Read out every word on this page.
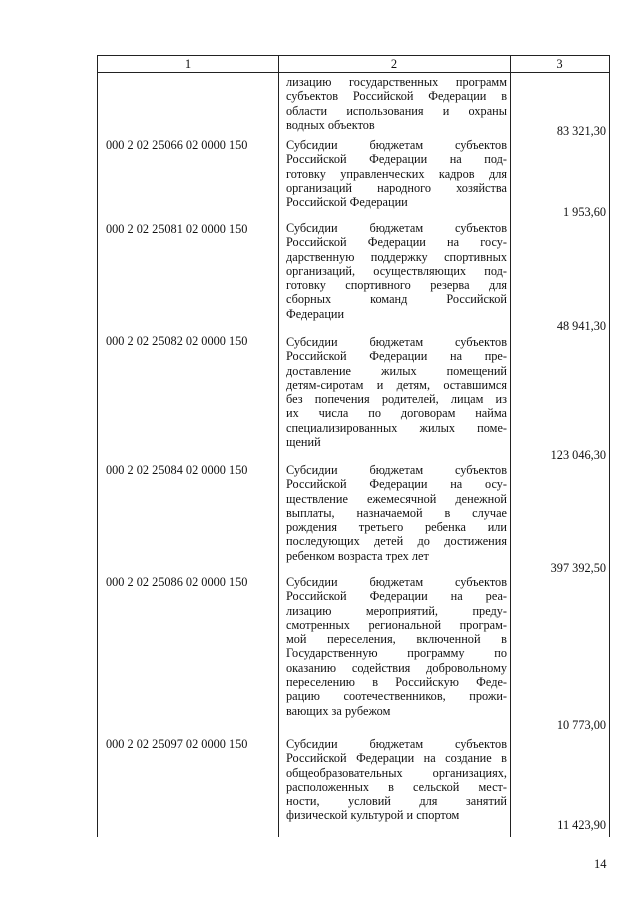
1	2	3
лизацию государственных программ
субъектов Российской Федерации в
области использования и охраны
водных объектов	83 321,30
000 2 02 25066 02 0000 150	Субсидии бюджетам субъектов
Российской Федерации на под-
готовку управленческих кадров для
организаций народного хозяйства
Российской Федерации
1 953,60
000 2 02 25081 02 0000 150	Субсидии бюджетам субъектов
Российской Федерации на госу-
дарственную поддержку спортивных
организаций, осуществляющих под-
готовку спортивного резерва для
сборных команд Российской
Федерации
48 941,30
000 2 02 25082 02 0000 150	Субсидии бюджетам субъектов
Российской Федерации на пре-
доставление жилых помещений
детям-сиротам и детям, оставшимся
без попечения родителей, лицам из
их числа по договорам найма
специализированных жилых поме-
щений
123 046,30
000 2 02 25084 02 0000 150	Субсидии бюджетам субъектов
Российской Федерации на осу-
ществление ежемесячной денежной
выплаты, назначаемой в случае
рождения третьего ребенка или
последующих детей до достижения
ребенком возраста трех лет
397 392,50
000 2 02 25086 02 0000 150	Субсидии бюджетам субъектов
Российской Федерации на реа-
лизацию мероприятий, преду-
смотренных региональной програм-
мой переселения, включенной в
Государственную программу по
оказанию содействия добровольному
переселению в Российскую Феде-
рацию соотечественников, прожи-
вающих за рубежом
10 773,00
000 2 02 25097 02 0000 150	Субсидии бюджетам субъектов
Российской Федерации на создание в
общеобразовательных организациях,
расположенных в сельской мест-
ности, условий для занятий
физической культурой и спортом
11 423,90
14
